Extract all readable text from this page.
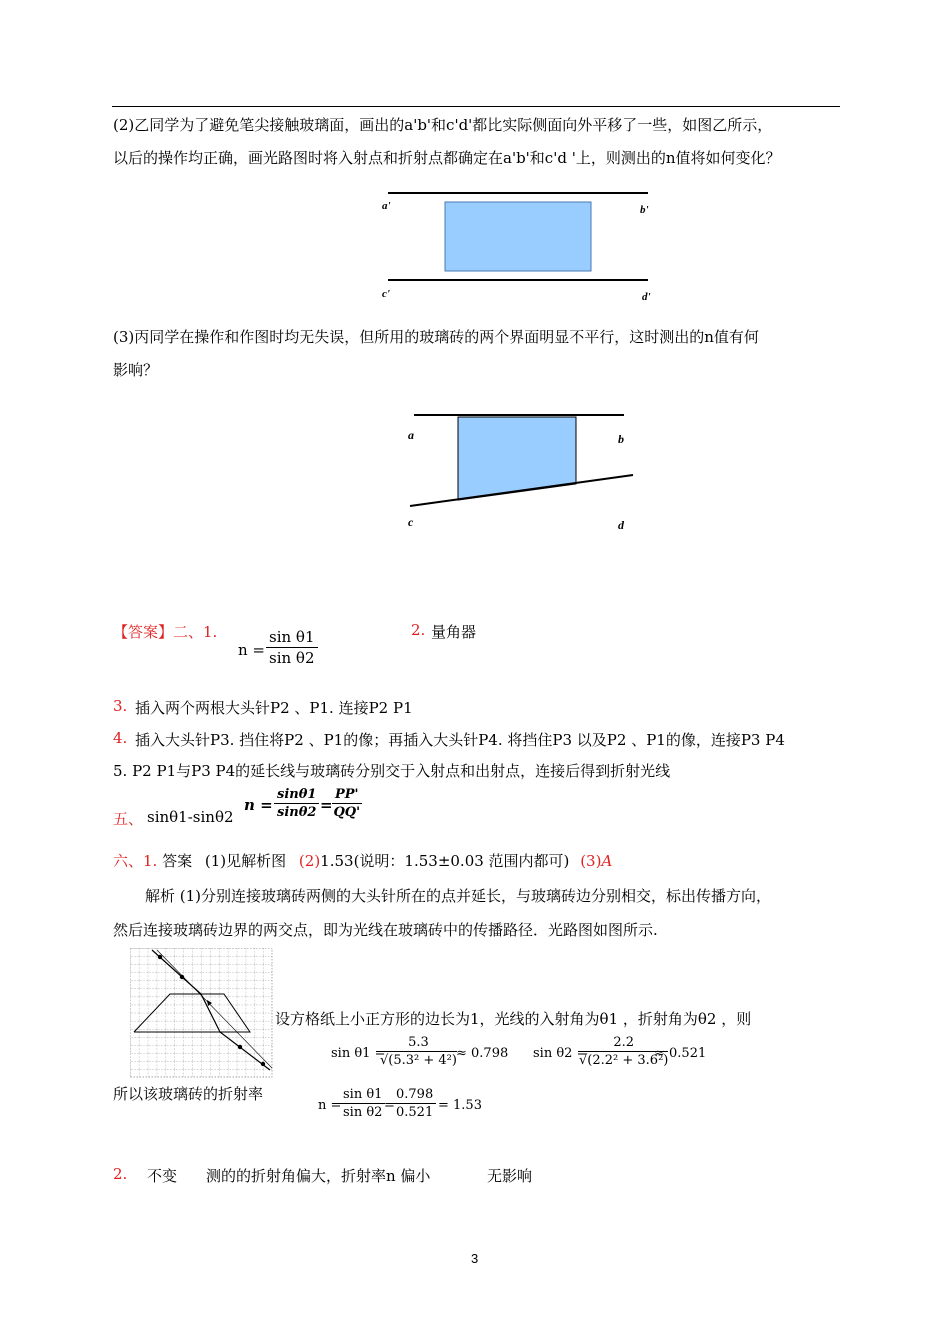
(2)乙同学为了避免笔尖接触玻璃面，画出的a'b'和c'd'都比实际侧面向外平移了一些，如图乙所示，
以后的操作均正确，画光路图时将入射点和折射点都确定在a'b'和c'd '上，则测出的n值将如何变化？
a'	b'
c'	d'
(3)丙同学在操作和作图时均无失误，但所用的玻璃砖的两个界面明显不平行，这时测出的n值有何
影响？
a	b
c	d
【答案】二、1.
$n = \frac{\text{sin θ1}}{\text{sin θ2}}$	2. 量角器
3. 插入两个两根大头针P2 、P1. 连接P2 P1
4. 插入大头针P3. 挡住将P2 、P1的像；再插入大头针P4. 将挡住P3 以及P2 、P1的像，连接P3 P4
5. P2 P1与P3 P4的延长线与玻璃砖分别交于入射点和出射点，连接后得到折射光线
五、 sinθ1-sinθ2
$n = \frac{\sin\theta 1}{\sin\theta 2} = \frac{PP'}{QQ'}$
六、1. 答案 (1)见解析图 (2)1.53(说明：1.53±0.03 范围内都可) (3)A
解析 (1)分别连接玻璃砖两侧的大头针所在的点并延长，与玻璃砖边分别相交，标出传播方向，
然后连接玻璃砖边界的两交点，即为光线在玻璃砖中的传播路径．光路图如图所示.
设方格纸上小正方形的边长为1，光线的入射角为θ1 ，折射角为θ2 ，则
sin θ1 =
$\frac{5.3}{\text{√(5.3² + 4²)}} \approx 0.798$ sin θ2 =
$\frac{2.2}{\text{√(2.2² + 3.6²)}}$
≈ 0.521
所以该玻璃砖的折射率
n =
$\frac{\text{sin θ1}}{\text{sin θ2}}$
=
$\frac{0.798}{0.521} = 1.53$
2. 不变 测的的折射角偏大，折射率n 偏小	无影响
3
